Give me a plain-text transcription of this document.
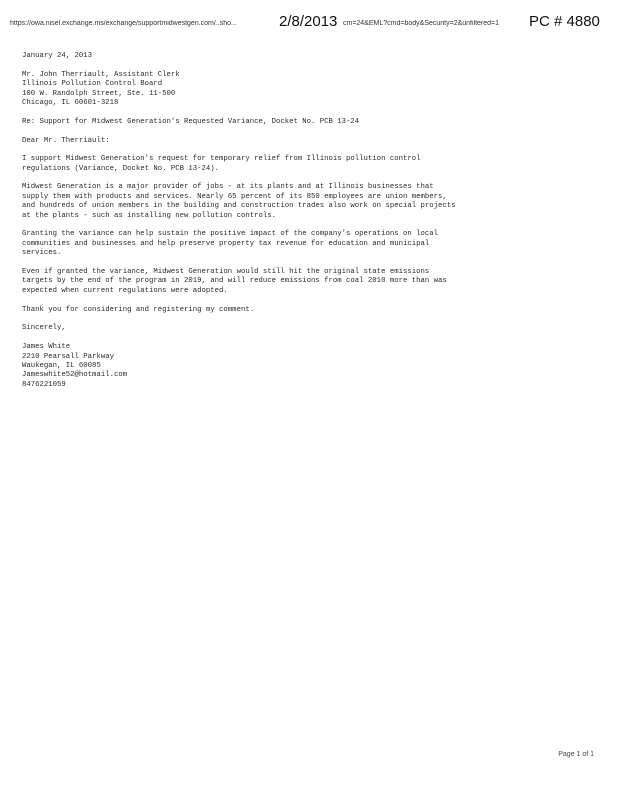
https://owa.nisel.exchange.ms/exchange/supportmidwestgen.com/..sho...	2/8/2013 cm=24&EML?cmd=body&Security=2&unfiltered=1	PC # 4880
January 24, 2013
Mr. John Therriault, Assistant Clerk
Illinois Pollution Control Board
100 W. Randolph Street, Ste. 11-500
Chicago, IL 60601-3218
Re: Support for Midwest Generation's Requested Variance, Docket No. PCB 13-24
Dear Mr. Therriault:
I support Midwest Generation's request for temporary relief from Illinois pollution control
regulations (Variance, Docket No. PCB 13-24).
Midwest Generation is a major provider of jobs - at its plants and at Illinois businesses that
supply them with products and services. Nearly 65 percent of its 850 employees are union members,
and hundreds of union members in the building and construction trades also work on special projects
at the plants - such as installing new pollution controls.
Granting the variance can help sustain the positive impact of the company's operations on local
communities and businesses and help preserve property tax revenue for education and municipal
services.
Even if granted the variance, Midwest Generation would still hit the original state emissions
targets by the end of the program in 2019, and will reduce emissions from coal 2010 more than was
expected when current regulations were adopted.
Thank you for considering and registering my comment.
Sincerely,
James White
2210 Pearsall Parkway
Waukegan, IL 60085
Jameswhite52@hotmail.com
8476221059
Page 1 of 1
